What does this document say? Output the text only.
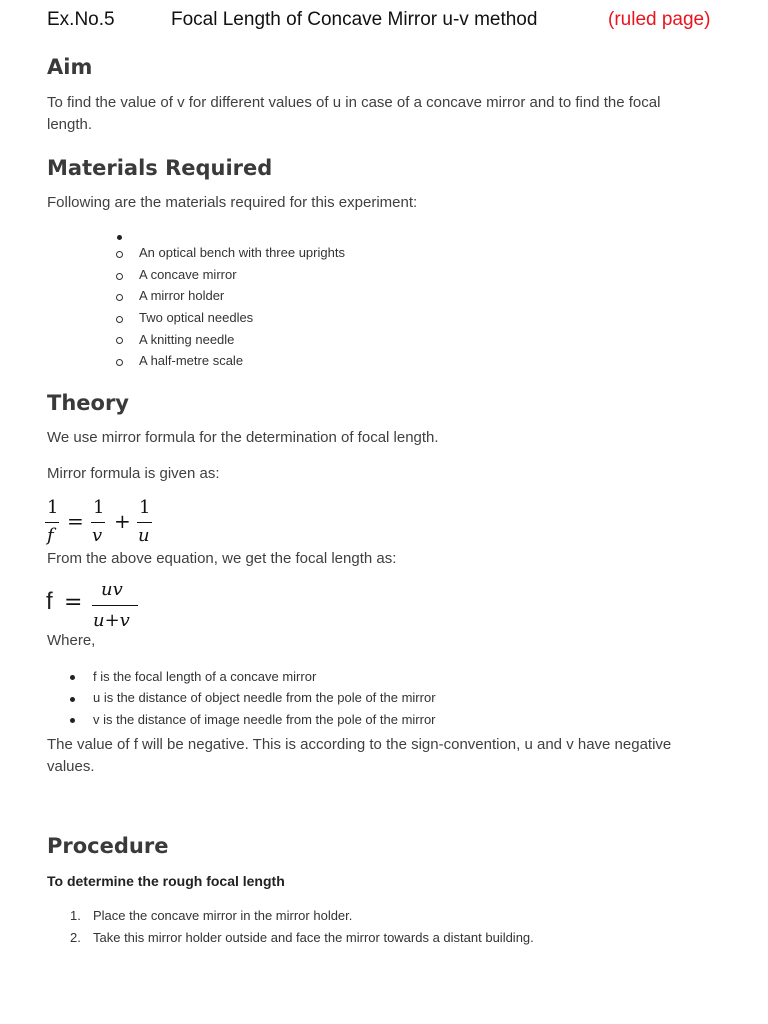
Ex.No.5	Focal Length of Concave Mirror u-v method	(ruled page)
Aim
To find the value of v for different values of u in case of a concave mirror and to find the focal length.
Materials Required
Following are the materials required for this experiment:
An optical bench with three uprights
A concave mirror
A mirror holder
Two optical needles
A knitting needle
A half-metre scale
Theory
We use mirror formula for the determination of focal length.
Mirror formula is given as:
1
f
=
1
v
+
1
u
From the above equation, we get the focal length as:
f =
uv
u+v
Where,
f is the focal length of a concave mirror
u is the distance of object needle from the pole of the mirror
v is the distance of image needle from the pole of the mirror
The value of f will be negative. This is according to the sign-convention, u and v have negative values.
Procedure
To determine the rough focal length
1. Place the concave mirror in the mirror holder.
2. Take this mirror holder outside and face the mirror towards a distant building.
